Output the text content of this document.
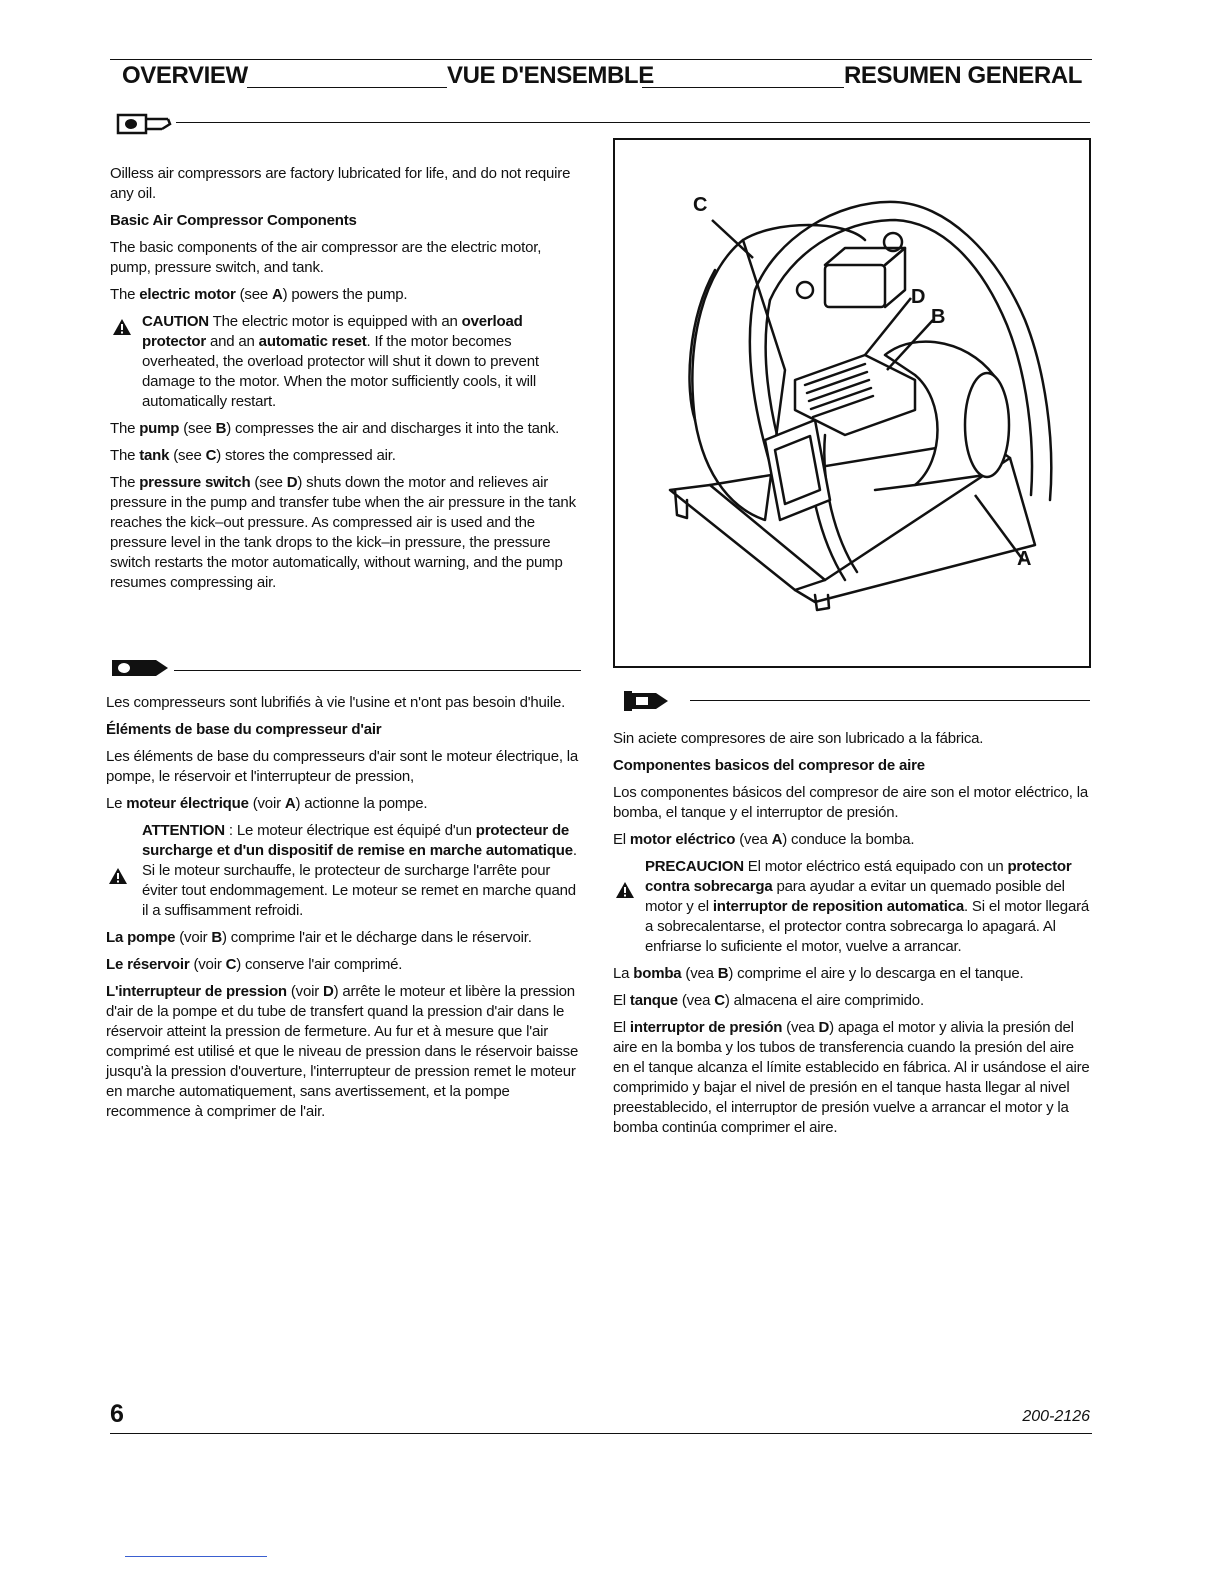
OVERVIEW	VUE D'ENSEMBLE	RESUMEN GENERAL

Oilless air compressors are factory lubricated for life, and do not require any oil.

Basic Air Compressor Components

The basic components of the air compressor are the electric motor, pump, pressure switch, and tank.

The electric motor (see A) powers the pump.

CAUTION The electric motor is equipped with an overload protector and an automatic reset. If the motor becomes overheated, the overload protector will shut it down to prevent damage to the motor. When the motor sufficiently cools, it will automatically restart.

The pump (see B) compresses the air and discharges it into the tank.

The tank (see C) stores the compressed air.

The pressure switch (see D) shuts down the motor and relieves air pressure in the pump and transfer tube when the air pressure in the tank reaches the kick–out pressure. As compressed air is used and the pressure level in the tank drops to the kick–in pressure, the pressure switch restarts the motor automatically, without warning, and the pump resumes compressing air.

Les compresseurs sont lubrifiés à vie l'usine et n'ont pas besoin d'huile.

Éléments de base du compresseur d'air

Les éléments de base du compresseurs d'air sont le moteur électrique, la pompe, le réservoir et l'interrupteur de pression,

Le moteur électrique (voir A) actionne la pompe.

ATTENTION : Le moteur électrique est équipé d'un protecteur de surcharge et d'un dispositif de remise en marche automatique. Si le moteur surchauffe, le protecteur de surcharge l'arrête pour éviter tout endommagement. Le moteur se remet en marche quand il a suffisamment refroidi.

La pompe (voir B) comprime l'air et le décharge dans le réservoir.

Le réservoir (voir C) conserve l'air comprimé.

L'interrupteur de pression (voir D) arrête le moteur et libère la pression d'air de la pompe et du tube de transfert quand la pression d'air dans le réservoir atteint la pression de fermeture. Au fur et à mesure que l'air comprimé est utilisé et que le niveau de pression dans le réservoir baisse jusqu'à la pression d'ouverture, l'interrupteur de pression remet le moteur en marche automatiquement, sans avertissement, et la pompe recommence à comprimer de l'air.

C
D
B
A

Sin aciete compresores de aire son lubricado a la fábrica.

Componentes basicos del compresor de aire

Los componentes básicos del compresor de aire son el motor eléctrico, la bomba, el tanque y el interruptor de presión.

El motor eléctrico (vea A) conduce la bomba.

PRECAUCION El motor eléctrico está equipado con un protector contra sobrecarga para ayudar a evitar un quemado posible del motor y el interruptor de reposition automatica. Si el motor llegará a sobrecalentarse, el protector contra sobrecarga lo apagará. Al enfriarse lo suficiente el motor, vuelve a arrancar.

La bomba (vea B) comprime el aire y lo descarga en el tanque.

El tanque (vea C) almacena el aire comprimido.

El interruptor de presión (vea D) apaga el motor y alivia la presión del aire en la bomba y los tubos de transferencia cuando la presión del aire en el tanque alcanza el límite establecido en fábrica. Al ir usándose el aire comprimido y bajar el nivel de presión en el tanque hasta llegar al nivel preestablecido, el interruptor de presión vuelve a arrancar el motor y la bomba continúa comprimer el aire.

6	200-2126
